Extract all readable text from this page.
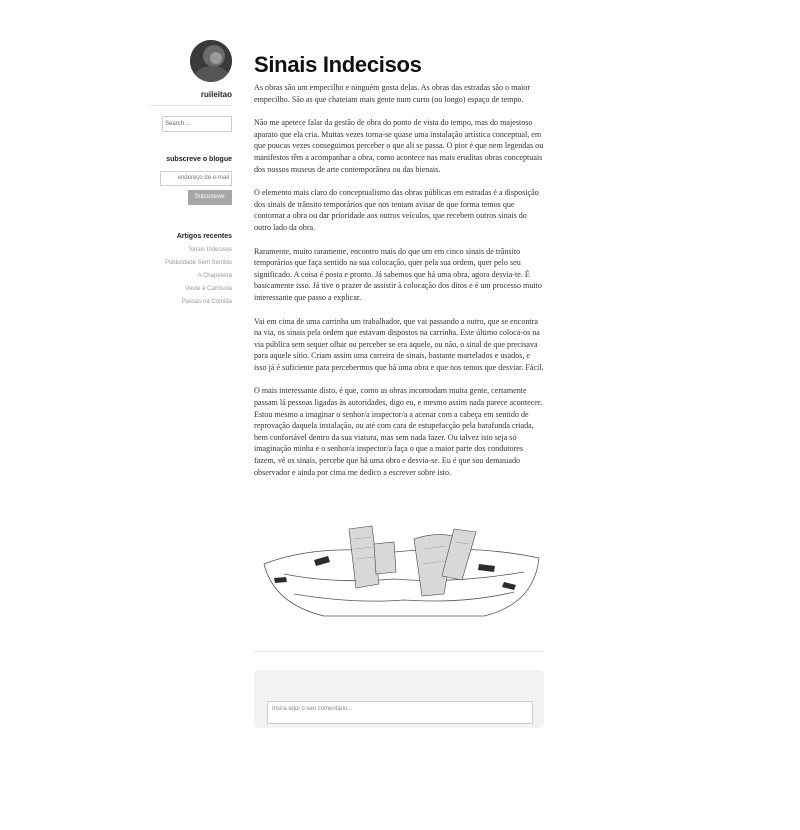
ruileitao
Search ...
subscreve o blogue
endereço de e-mail
Subscrever
Artigos recentes
Sinais Indecisos
Publicidade Sem Sentido
A Chapeleira
Veste a Camisola
Passas na Comida
Sinais Indecisos

As obras são um empecilho e ninguém gosta delas. As obras das estradas são o maior empecilho. São as que chateiam mais gente num curto (ou longo) espaço de tempo.

Não me apetece falar da gestão de obra do ponto de vista do tempo, mas do majestoso aparato que ela cria. Muitas vezes torna-se quase uma instalação artística conceptual, em que poucas vezes conseguimos perceber o que ali se passa. O pior é que nem legendas ou manifestos têm a acompanhar a obra, como acontece nas mais eruditas obras conceptuais dos nossos museus de arte contemporânea ou das bienais.

O elemento mais claro do conceptualismo das obras públicas em estradas é a disposição dos sinais de trânsito temporários que nos tentam avisar de que forma temos que contornar a obra ou dar prioridade aos outros veículos, que recebem outros sinais do outro lado da obra.

Raramente, muito raramente, encontro mais do que um em cinco sinais de trânsito temporários que faça sentido na sua colocação, quer pela sua ordem, quer pelo seu significado. A coisa é posta e pronto. Já sabemos que há uma obra, agora desvia-te. É basicamente isso. Já tive o prazer de assistir à colocação dos ditos e é um processo muito interessante que passo a explicar.

Vai em cima de uma carrinha um trabalhador, que vai passando a outro, que se encontra na via, os sinais pela ordem que estavam dispostos na carrinha. Este último coloca-os na via pública sem sequer olhar ou perceber se era aquele, ou não, o sinal de que precisava para aquele sítio. Criam assim uma carreira de sinais, bastante martelados e usados, e isso já é suficiente para percebermos que há uma obra e que nos temos que desviar. Fácil.

O mais interessante disto, é que, como as obras incomodam muita gente, certamente passam lá pessoas ligadas às autoridades, digo eu, e mesmo assim nada parece acontecer. Estou mesmo a imaginar o senhor/a inspector/a a acenar com a cabeça em sentido de reprovação daquela instalação, ou até com cara de estupefacção pela barafunda criada, bem confortável dentro da sua viatura, mas sem nada fazer. Ou talvez isto seja só imaginação minha e o senhor/a inspector/a faça o que a maior parte dos condutores fazem, vê os sinais, percebe que há uma obra e desvia-se. Eu é que sou demasiado observador e ainda por cima me dedico a escrever sobre isto.

Insira aqui o seu comentário...
